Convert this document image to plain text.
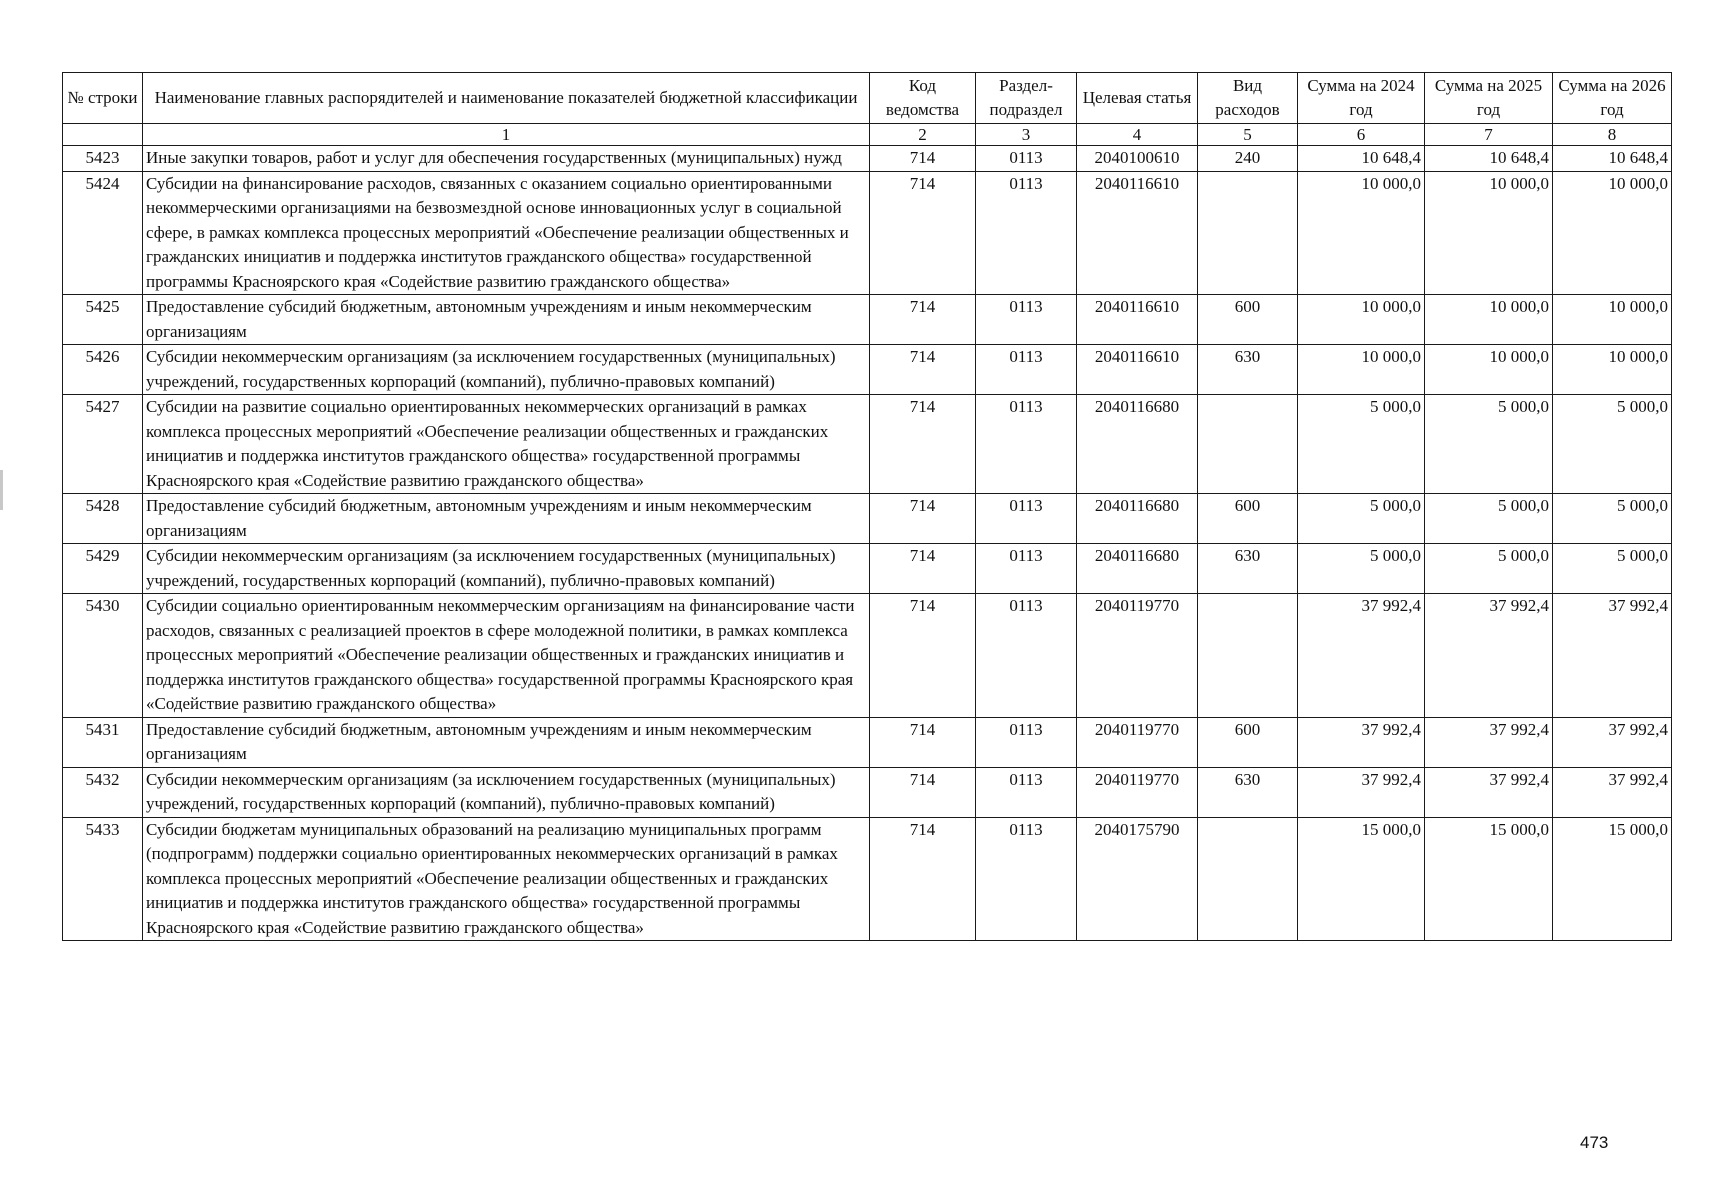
№ строки	Наименование главных распорядителей и наименование показателей бюджетной классификации	Код ведомства	Раздел-подраздел	Целевая статья	Вид расходов	Сумма на 2024 год	Сумма на 2025 год	Сумма на 2026 год
	1	2	3	4	5	6	7	8
5423	Иные закупки товаров, работ и услуг для обеспечения государственных (муниципальных) нужд	714	0113	2040100610	240	10 648,4	10 648,4	10 648,4
5424	Субсидии на финансирование расходов, связанных с оказанием социально ориентированными некоммерческими организациями на безвозмездной основе инновационных услуг в социальной сфере, в рамках комплекса процессных мероприятий «Обеспечение реализации общественных и гражданских инициатив и поддержка институтов гражданского общества» государственной программы Красноярского края «Содействие развитию гражданского общества»	714	0113	2040116610		10 000,0	10 000,0	10 000,0
5425	Предоставление субсидий бюджетным, автономным учреждениям и иным некоммерческим организациям	714	0113	2040116610	600	10 000,0	10 000,0	10 000,0
5426	Субсидии некоммерческим организациям (за исключением государственных (муниципальных) учреждений, государственных корпораций (компаний), публично-правовых компаний)	714	0113	2040116610	630	10 000,0	10 000,0	10 000,0
5427	Субсидии на развитие социально ориентированных некоммерческих организаций в рамках комплекса процессных мероприятий «Обеспечение реализации общественных и гражданских инициатив и поддержка институтов гражданского общества» государственной программы Красноярского края «Содействие развитию гражданского общества»	714	0113	2040116680		5 000,0	5 000,0	5 000,0
5428	Предоставление субсидий бюджетным, автономным учреждениям и иным некоммерческим организациям	714	0113	2040116680	600	5 000,0	5 000,0	5 000,0
5429	Субсидии некоммерческим организациям (за исключением государственных (муниципальных) учреждений, государственных корпораций (компаний), публично-правовых компаний)	714	0113	2040116680	630	5 000,0	5 000,0	5 000,0
5430	Субсидии социально ориентированным некоммерческим организациям на финансирование части расходов, связанных с реализацией проектов в сфере молодежной политики, в рамках комплекса процессных мероприятий «Обеспечение реализации общественных и гражданских инициатив и поддержка институтов гражданского общества» государственной программы Красноярского края «Содействие развитию гражданского общества»	714	0113	2040119770		37 992,4	37 992,4	37 992,4
5431	Предоставление субсидий бюджетным, автономным учреждениям и иным некоммерческим организациям	714	0113	2040119770	600	37 992,4	37 992,4	37 992,4
5432	Субсидии некоммерческим организациям (за исключением государственных (муниципальных) учреждений, государственных корпораций (компаний), публично-правовых компаний)	714	0113	2040119770	630	37 992,4	37 992,4	37 992,4
5433	Субсидии бюджетам муниципальных образований на реализацию муниципальных программ (подпрограмм) поддержки социально ориентированных некоммерческих организаций в рамках комплекса процессных мероприятий «Обеспечение реализации общественных и гражданских инициатив и поддержка институтов гражданского общества» государственной программы Красноярского края «Содействие развитию гражданского общества»	714	0113	2040175790		15 000,0	15 000,0	15 000,0
473
